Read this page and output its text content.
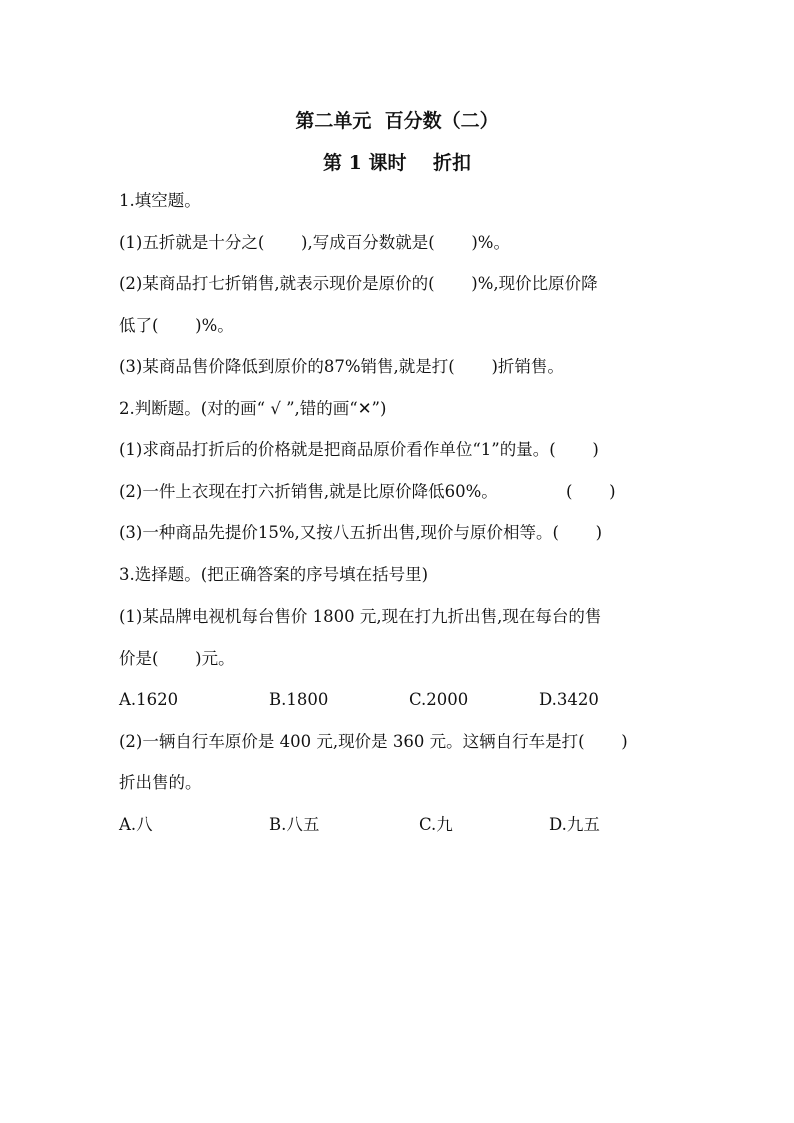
第二单元  百分数（二）
第 1 课时    折扣
1.填空题。
(1)五折就是十分之(       ),写成百分数就是(       )%。
(2)某商品打七折销售,就表示现价是原价的(       )%,现价比原价降
低了(       )%。
(3)某商品售价降低到原价的87%销售,就是打(       )折销售。
2.判断题。(对的画“ √ ”,错的画“✕”)
(1)求商品打折后的价格就是把商品原价看作单位“1”的量。(       )
(2)一件上衣现在打六折销售,就是比原价降低60%。             (       )
(3)一种商品先提价15%,又按八五折出售,现价与原价相等。(       )
3.选择题。(把正确答案的序号填在括号里)
(1)某品牌电视机每台售价 1800 元,现在打九折出售,现在每台的售
价是(       )元。
A.1620	B.1800	C.2000	D.3420
(2)一辆自行车原价是 400 元,现价是 360 元。这辆自行车是打(       )
折出售的。
A.八	B.八五	C.九	D.九五
